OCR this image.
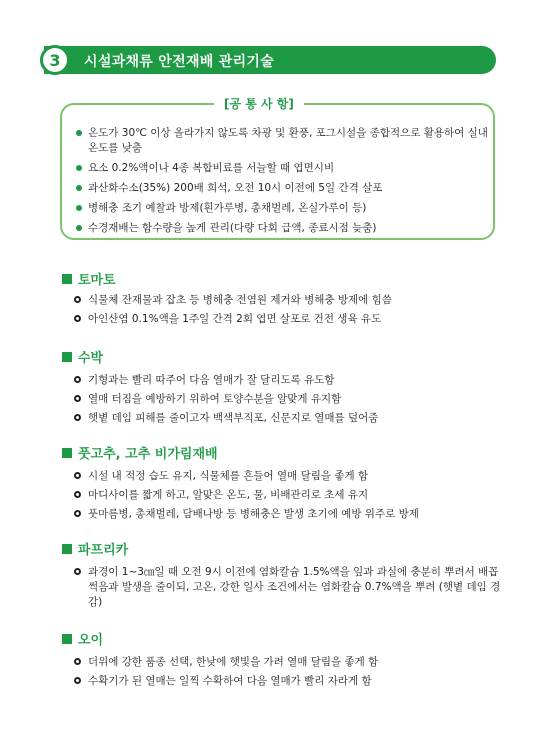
3	시설과채류 안전재배 관리기술
[공 통 사 항]
온도가 30℃ 이상 올라가지 않도록 차광 및 환풍, 포그시설을 종합적으로 활용하여 실내온도를 낮춤
요소 0.2%액이나 4종 복합비료를 서늘할 때 엽면시비
과산화수소(35%) 200배 희석, 오전 10시 이전에 5일 간격 살포
병해충 조기 예찰과 방제(흰가루병, 총채벌레, 온실가루이 등)
수경재배는 함수량을 높게 관리(다량 다회 급액, 종료시점 늦춤)
토마토
식물체 잔재물과 잡초 등 병해충 전염원 제거와 병해충 방제에 힘씀
아인산염 0.1%액을 1주일 간격 2회 엽면 살포로 건전 생육 유도
수박
기형과는 빨리 따주어 다음 열매가 잘 달리도록 유도함
열매 터짐을 예방하기 위하여 토양수분을 알맞게 유지함
햇볕 데임 피해를 줄이고자 백색부직포, 신문지로 열매를 덮어줌
풋고추, 고추 비가림재배
시설 내 적정 습도 유지, 식물체를 흔들어 열매 달림을 좋게 함
마디사이를 짧게 하고, 알맞은 온도, 물, 비배관리로 초세 유지
풋마름병, 총채벌레, 담배나방 등 병해충은 발생 초기에 예방 위주로 방제
파프리카
과경이 1~3㎝일 때 오전 9시 이전에 염화칼슘 1.5%액을 잎과 과실에 충분히 뿌려서 배꼽썩음과 발생을 줄이되, 고온, 강한 일사 조건에서는 염화칼슘 0.7%액을 뿌려 (햇볕 데임 경감)
오이
더위에 강한 품종 선택, 한낮에 햇빛을 가려 열매 달림을 좋게 함
수확기가 된 열매는 일찍 수확하여 다음 열매가 빨리 자라게 함
